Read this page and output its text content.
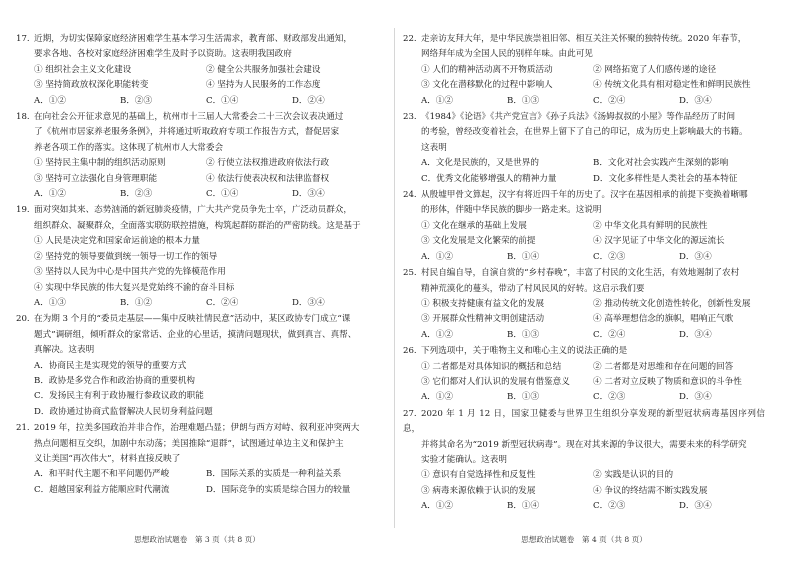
17. 近期，为切实保障家庭经济困难学生基本学习生活需求，教育部、财政部发出通知，
要求各地、各校对家庭经济困难学生及时予以资助。这表明我国政府
① 组织社会主义文化建设	② 健全公共服务加强社会建设
③ 坚持简政放权深化职能转变	④ 坚持为人民服务的工作态度
A．①②	B．②③	C．①④	D．②④
18. 在向社会公开征求意见的基础上，杭州市十三届人大常委会二十三次会议表决通过
了《杭州市居家养老服务条例》，并将通过听取政府专项工作报告方式，督促居家
养老各项工作的落实。这体现了杭州市人大常委会
① 坚持民主集中制的组织活动原则	② 行使立法权推进政府依法行政
③ 坚持可立法强化自身管理职能	④ 依法行使表决权和法律监督权
A．①②	B．②③	C．①④	D．③④
19. 面对突如其来、态势汹涌的新冠肺炎疫情，广大共产党员争先士卒，广泛动员群众，
组织群众、凝聚群众，全面落实联防联控措施，构筑起群防群治的严密防线。这是基于
① 人民是决定党和国家命运前途的根本力量
② 坚持党的领导要做到统一领导一切工作的领导
③ 坚持以人民为中心是中国共产党的先锋模范作用
④ 实现中华民族的伟大复兴是党始终不渝的奋斗目标
A．①③	B．①②	C．②④	D．③④
20. 在为期 3 个月的“委员走基层——集中反映社情民意”活动中，某区政协专门成立“课
题式”调研组，倾听群众的家常话、企业的心里话，摸清问题现状，做到真言、真帮、
真解决。这表明
A．协商民主是实现党的领导的重要方式
B．政协是多党合作和政治协商的重要机构
C．发扬民主有利于政协履行参政议政的职能
D．政协通过协商式监督解决人民切身利益问题
21. 2019 年，拉美多国政治并非合作，治理难题凸显；伊朗与西方对峙、叙利亚冲突两大
热点问题相互交织，加剧中东动荡；美国推除“退群”，试图通过单边主义和保护主
义让美国“再次伟大”，材料直接反映了
A．和平时代主题不和平问题仍严峻	B．国际关系的实质是一种利益关系
C．超越国家利益方能顺应时代潮流	D．国际竞争的实质是综合国力的较量
22. 走亲访友拜大年，是中华民族崇祖旧邻、相互关注关怀聚的独特传统。2020 年春节，
网络拜年成为全国人民的别样年味。由此可见
① 人们的精神活动离不开物质活动	② 网络拓宽了人们感传递的途径
③ 文化在潜移默化的过程中影响人	④ 传统文化具有相对稳定性和鲜明民族性
A．①②	B．①③	C．②④	D．③④
23. 《1984》《论语》《共产党宣言》《孙子兵法》《汤姆叔叔的小屋》等作品经历了时间
的考验，曾经改变着社会，在世界上留下了自己的印记，成为历史上影响最大的书籍。
这表明
A．文化是民族的，又是世界的	B．文化对社会实践产生深刻的影响
C．优秀文化能够增强人的精神力量	D．文化多样性是人类社会的基本特征
24. 从殷墟甲骨文算起，汉字有将近四千年的历史了。汉字在基因相承的前提下变换着晰哪
的形体，伴随中华民族的脚步一路走来。这说明
① 文化在继承的基础上发展	② 中华文化具有鲜明的民族性
③ 文化发展是文化繁荣的前提	④ 汉字见证了中华文化的源远流长
A．①②	B．①④	C．②③	D．③④
25. 村民自编自导，自演自赏的“乡村春晚”，丰富了村民的文化生活，有效地遏制了农村
精神荒漠化的蔓头，带动了村风民风的好转。这启示我们要
① 积极支持健康有益文化的发展	② 推动传统文化创造性转化，创新性发展
③ 开展群众性精神文明创建活动	④ 高举理想信念的旗帜，唱响正气歌
A．①②	B．①③	C．②④	D．③④
26. 下列选项中，关于唯物主义和唯心主义的说法正确的是
① 二者都是对具体知识的概括和总结	② 二者都是对思维和存在问题的回答
③ 它们都对人们认识的发展有借鉴意义	④ 二者对立反映了物质和意识的斗争性
A．①②	B．①③	C．②③	D．③④
27. 2020 年 1 月 12 日，国家卫健委与世界卫生组织分享发现的新型冠状病毒基因序列信息，
并将其命名为“2019 新型冠状病毒”。现在对其来源的争议很大，需要未来的科学研究
实验才能确认。这表明
① 意识有自觉选择性和反复性	② 实践是认识的目的
③ 病毒来源依赖于认识的发展	④ 争议的终结需不断实践发展
A．①②	B．①④	C．②③	D．③④
思想政治试题卷　第 3 页（共 8 页）	思想政治试题卷　第 4 页（共 8 页）
